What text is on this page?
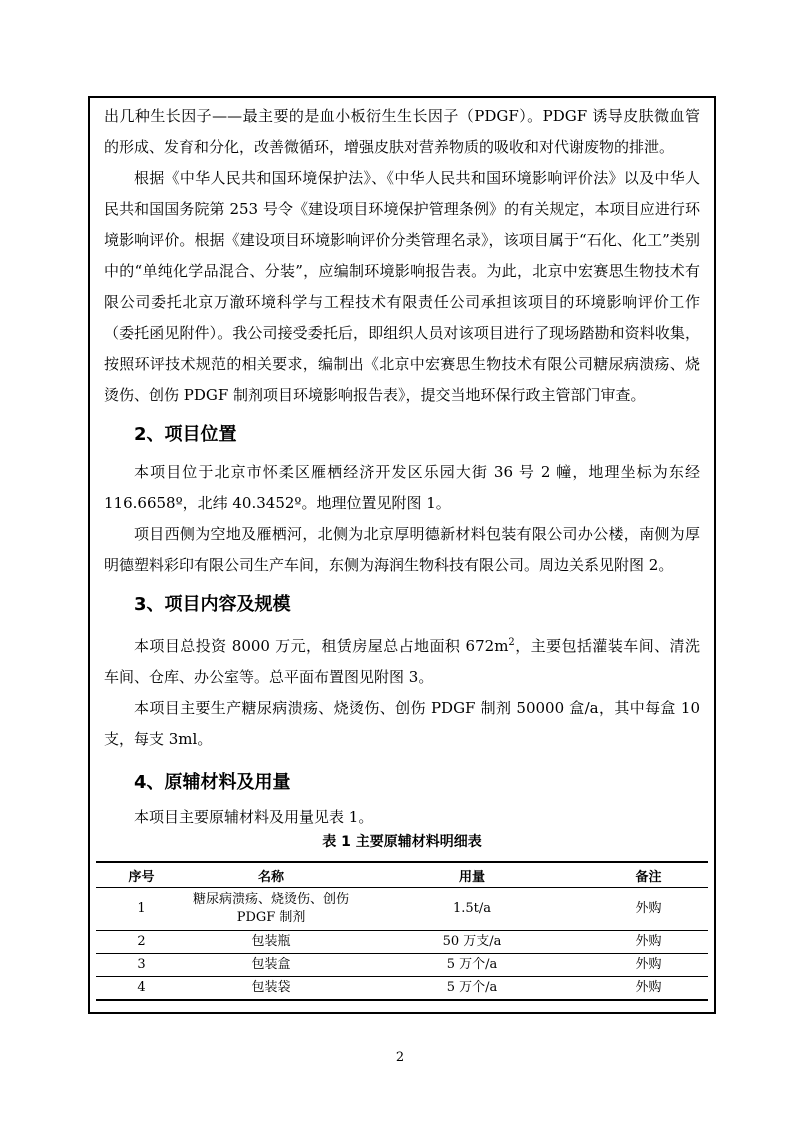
出几种生长因子——最主要的是血小板衍生生长因子（PDGF）。PDGF 诱导皮肤微血管的形成、发育和分化，改善微循环，增强皮肤对营养物质的吸收和对代谢废物的排泄。

根据《中华人民共和国环境保护法》、《中华人民共和国环境影响评价法》以及中华人民共和国国务院第 253 号令《建设项目环境保护管理条例》的有关规定，本项目应进行环境影响评价。根据《建设项目环境影响评价分类管理名录》，该项目属于“石化、化工”类别中的“单纯化学品混合、分装”，应编制环境影响报告表。为此，北京中宏赛思生物技术有限公司委托北京万澈环境科学与工程技术有限责任公司承担该项目的环境影响评价工作（委托函见附件）。我公司接受委托后，即组织人员对该项目进行了现场踏勘和资料收集，按照环评技术规范的相关要求，编制出《北京中宏赛思生物技术有限公司糖尿病溃疡、烧烫伤、创伤 PDGF 制剂项目环境影响报告表》，提交当地环保行政主管部门审查。

2、项目位置

本项目位于北京市怀柔区雁栖经济开发区乐园大街 36 号 2 幢，地理坐标为东经 116.6658º，北纬 40.3452º。地理位置见附图 1。

项目西侧为空地及雁栖河，北侧为北京厚明德新材料包装有限公司办公楼，南侧为厚明德塑料彩印有限公司生产车间，东侧为海润生物科技有限公司。周边关系见附图 2。

3、项目内容及规模

本项目总投资 8000 万元，租赁房屋总占地面积 $672m^2$，主要包括灌装车间、清洗车间、仓库、办公室等。总平面布置图见附图 3。

本项目主要生产糖尿病溃疡、烧烫伤、创伤 PDGF 制剂 50000 盒/a，其中每盒 10 支，每支 3ml。

4、原辅材料及用量

本项目主要原辅材料及用量见表 1。

表 1 主要原辅材料明细表
序号	名称	用量	备注
1	糖尿病溃疡、烧烫伤、创伤 PDGF 制剂	1.5t/a	外购
2	包装瓶	50 万支/a	外购
3	包装盒	5 万个/a	外购
4	包装袋	5 万个/a	外购
2
